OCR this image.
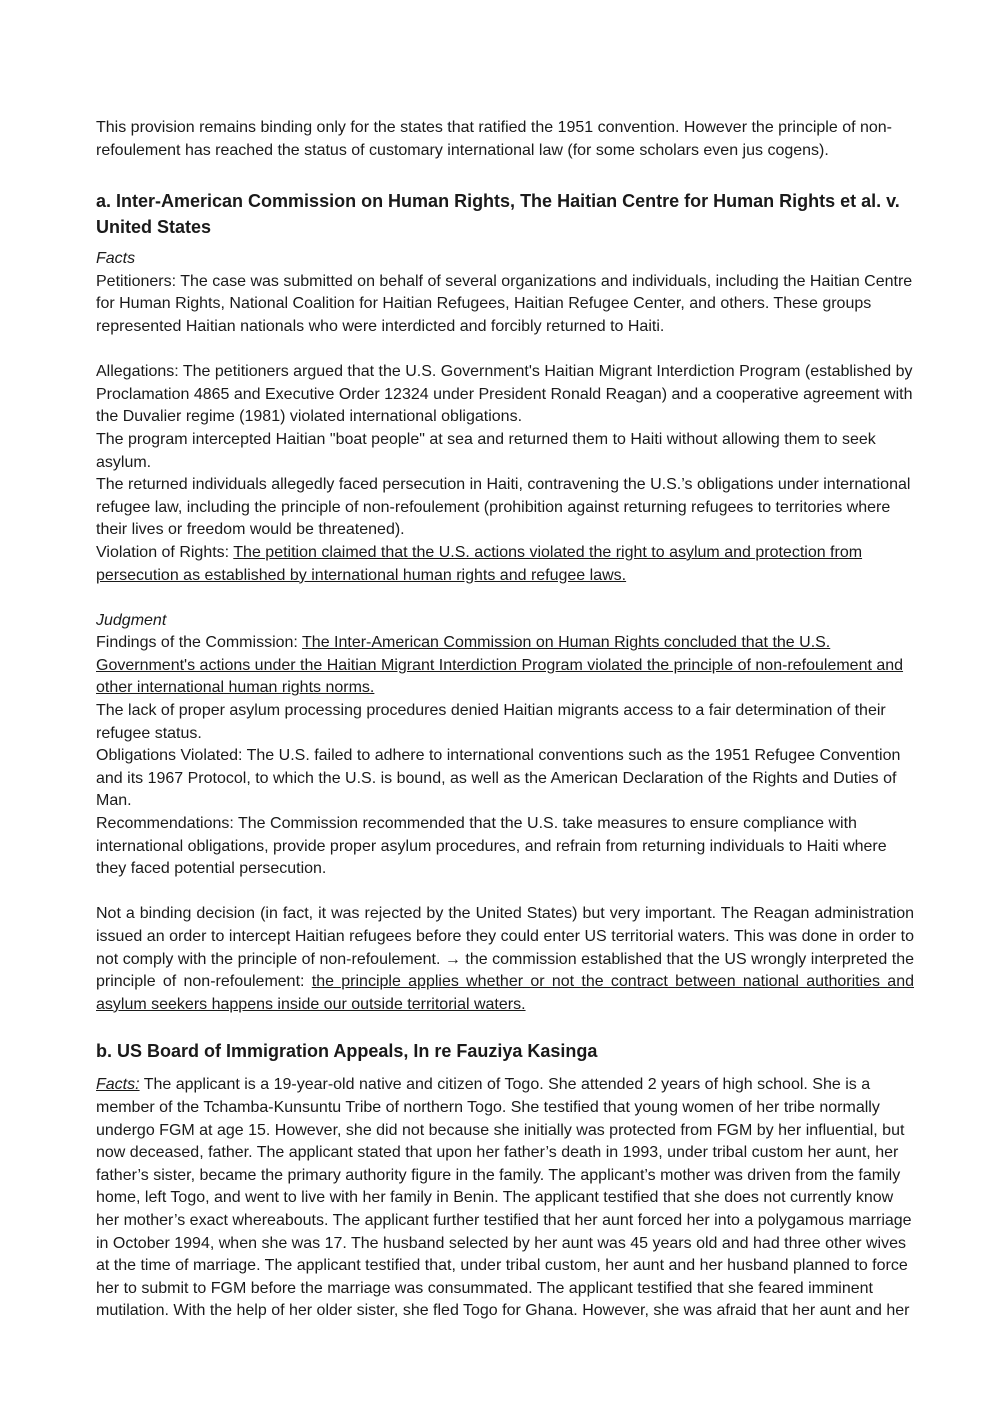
This provision remains binding only for the states that ratified the 1951 convention. However the principle of non-refoulement has reached the status of customary international law (for some scholars even jus cogens).

a. Inter-American Commission on Human Rights, The Haitian Centre for Human Rights et al. v. United States

Facts

Petitioners: The case was submitted on behalf of several organizations and individuals, including the Haitian Centre for Human Rights, National Coalition for Haitian Refugees, Haitian Refugee Center, and others. These groups represented Haitian nationals who were interdicted and forcibly returned to Haiti.

Allegations: The petitioners argued that the U.S. Government's Haitian Migrant Interdiction Program (established by Proclamation 4865 and Executive Order 12324 under President Ronald Reagan) and a cooperative agreement with the Duvalier regime (1981) violated international obligations.

The program intercepted Haitian "boat people" at sea and returned them to Haiti without allowing them to seek asylum.

The returned individuals allegedly faced persecution in Haiti, contravening the U.S.’s obligations under international refugee law, including the principle of non-refoulement (prohibition against returning refugees to territories where their lives or freedom would be threatened).

Violation of Rights: The petition claimed that the U.S. actions violated the right to asylum and protection from persecution as established by international human rights and refugee laws.

Judgment

Findings of the Commission: The Inter-American Commission on Human Rights concluded that the U.S. Government's actions under the Haitian Migrant Interdiction Program violated the principle of non-refoulement and other international human rights norms.

The lack of proper asylum processing procedures denied Haitian migrants access to a fair determination of their refugee status.

Obligations Violated: The U.S. failed to adhere to international conventions such as the 1951 Refugee Convention and its 1967 Protocol, to which the U.S. is bound, as well as the American Declaration of the Rights and Duties of Man.

Recommendations: The Commission recommended that the U.S. take measures to ensure compliance with international obligations, provide proper asylum procedures, and refrain from returning individuals to Haiti where they faced potential persecution.

Not a binding decision (in fact, it was rejected by the United States) but very important. The Reagan administration issued an order to intercept Haitian refugees before they could enter US territorial waters. This was done in order to not comply with the principle of non-refoulement. → the commission established that the US wrongly interpreted the principle of non-refoulement: the principle applies whether or not the contract between national authorities and asylum seekers happens inside our outside territorial waters.

b. US Board of Immigration Appeals, In re Fauziya Kasinga

Facts: The applicant is a 19-year-old native and citizen of Togo. She attended 2 years of high school. She is a member of the Tchamba-Kunsuntu Tribe of northern Togo. She testified that young women of her tribe normally undergo FGM at age 15. However, she did not because she initially was protected from FGM by her influential, but now deceased, father. The applicant stated that upon her father’s death in 1993, under tribal custom her aunt, her father’s sister, became the primary authority figure in the family. The applicant’s mother was driven from the family home, left Togo, and went to live with her family in Benin. The applicant testified that she does not currently know her mother’s exact whereabouts. The applicant further testified that her aunt forced her into a polygamous marriage in October 1994, when she was 17. The husband selected by her aunt was 45 years old and had three other wives at the time of marriage. The applicant testified that, under tribal custom, her aunt and her husband planned to force her to submit to FGM before the marriage was consummated. The applicant testified that she feared imminent mutilation. With the help of her older sister, she fled Togo for Ghana. However, she was afraid that her aunt and her
